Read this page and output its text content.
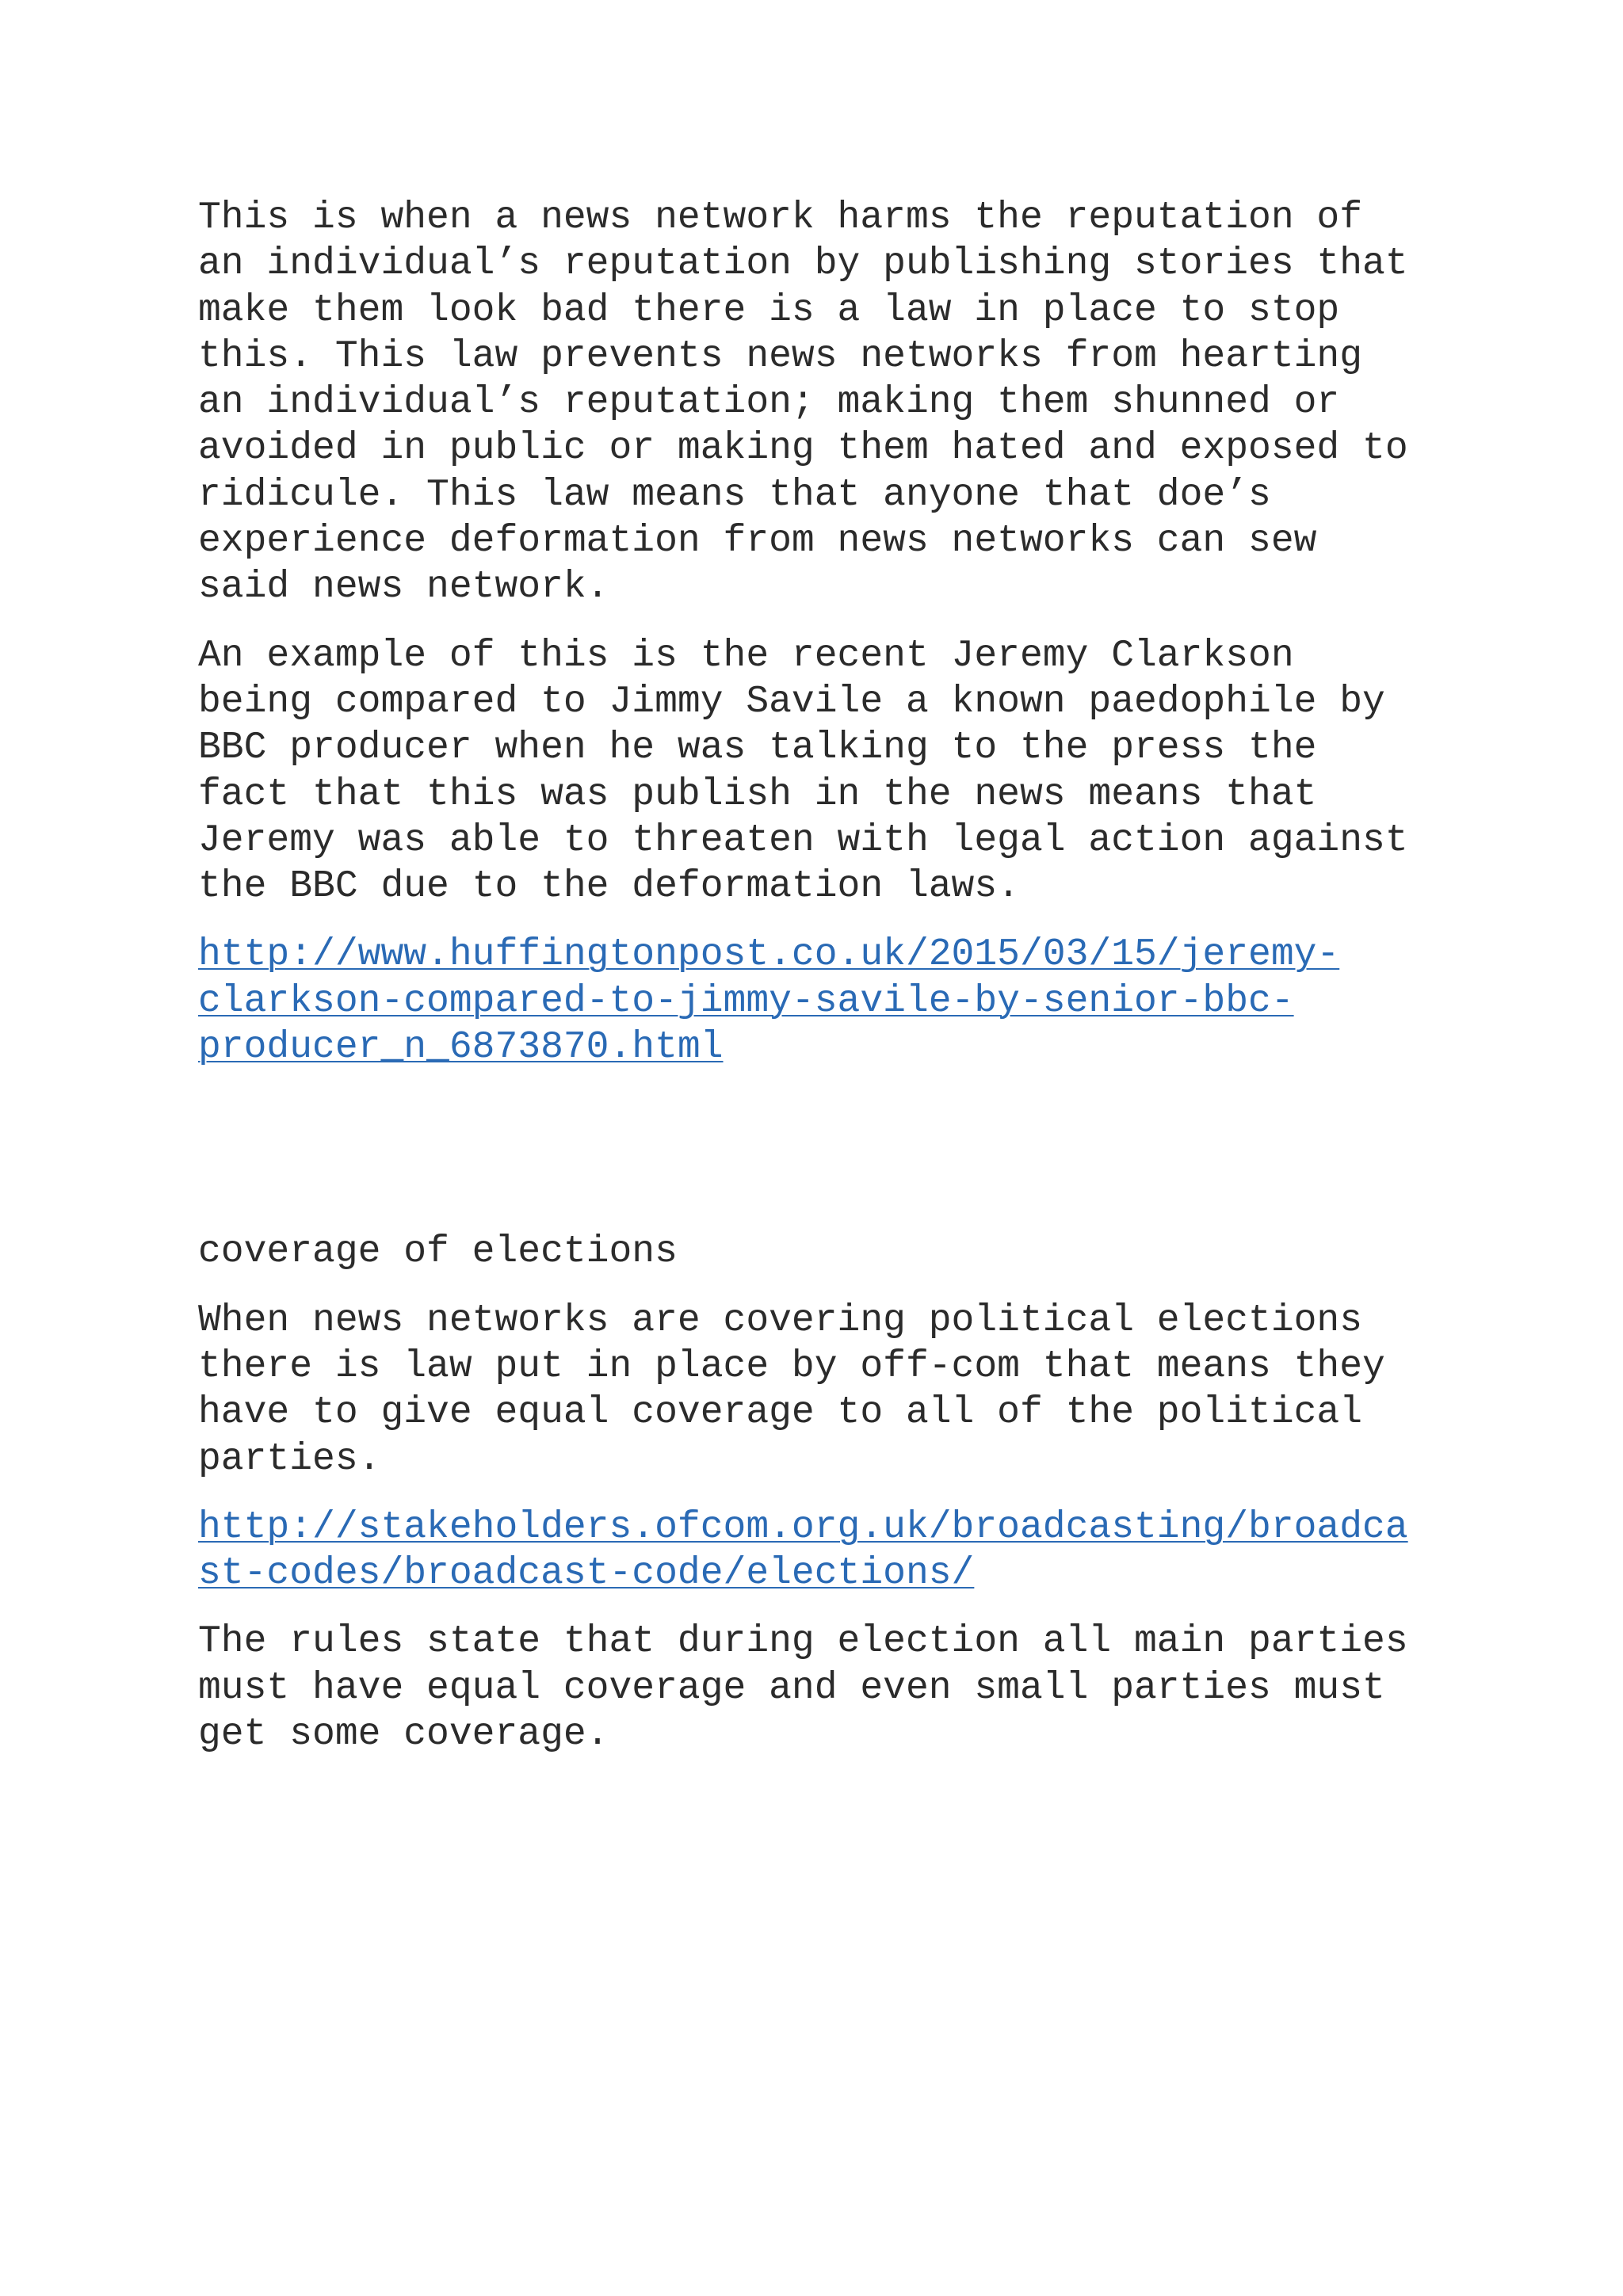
This is when a news network harms the reputation of
an individual’s reputation by publishing stories that
make them look bad there is a law in place to stop
this. This law prevents news networks from hearting
an individual’s reputation; making them shunned or
avoided in public or making them hated and exposed to
ridicule. This law means that anyone that doe’s
experience deformation from news networks can sew
said news network.

An example of this is the recent Jeremy Clarkson
being compared to Jimmy Savile a known paedophile by
BBC producer when he was talking to the press the
fact that this was publish in the news means that
Jeremy was able to threaten with legal action against
the BBC due to the deformation laws.

http://www.huffingtonpost.co.uk/2015/03/15/jeremy-
clarkson-compared-to-jimmy-savile-by-senior-bbc-
producer_n_6873870.html

coverage of elections

When news networks are covering political elections
there is law put in place by off-com that means they
have to give equal coverage to all of the political
parties.

http://stakeholders.ofcom.org.uk/broadcasting/broadca
st-codes/broadcast-code/elections/

The rules state that during election all main parties
must have equal coverage and even small parties must
get some coverage.
